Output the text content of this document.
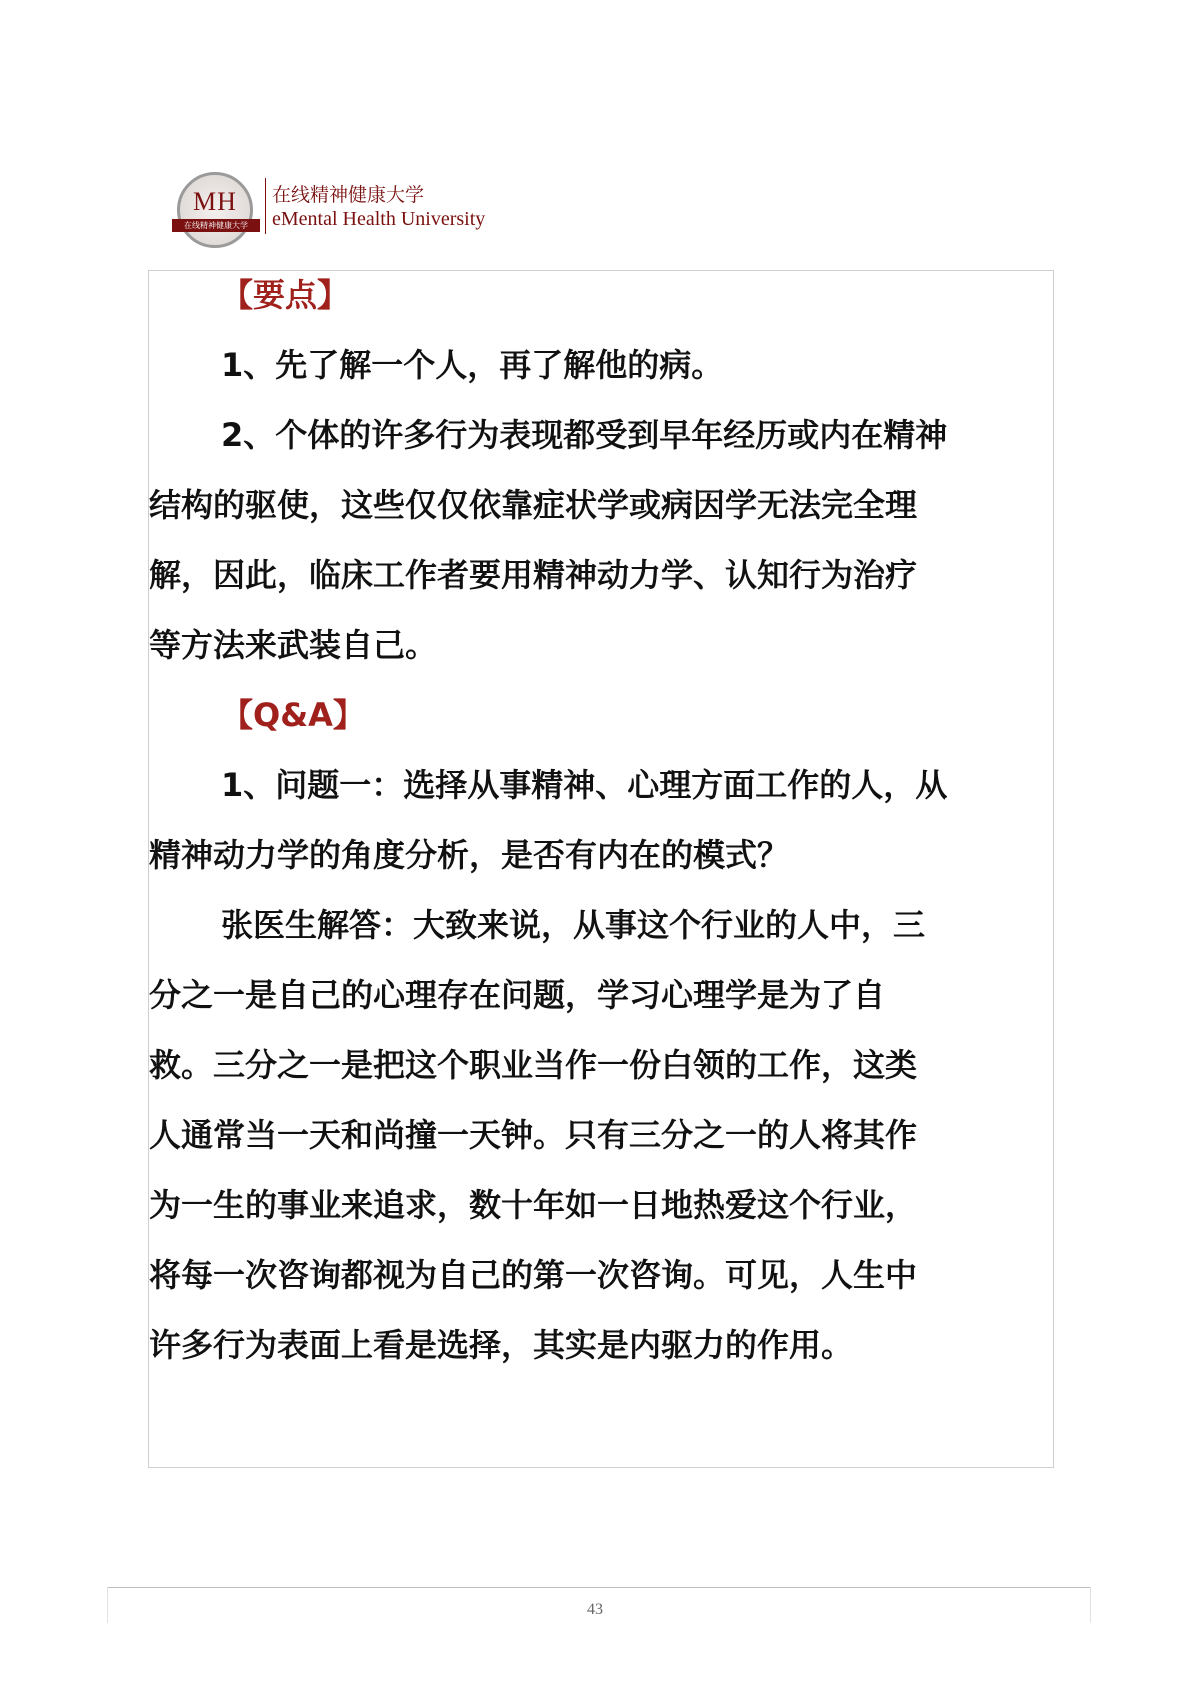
MH
在线精神健康大学
在线精神健康大学
eMental Health University
【要点】

1、先了解一个人，再了解他的病。

2、个体的许多行为表现都受到早年经历或内在精神

结构的驱使，这些仅仅依靠症状学或病因学无法完全理

解，因此，临床工作者要用精神动力学、认知行为治疗

等方法来武装自己。

【Q&A】

1、问题一：选择从事精神、心理方面工作的人，从

精神动力学的角度分析，是否有内在的模式？

张医生解答：大致来说，从事这个行业的人中，三

分之一是自己的心理存在问题，学习心理学是为了自

救。三分之一是把这个职业当作一份白领的工作，这类

人通常当一天和尚撞一天钟。只有三分之一的人将其作

为一生的事业来追求，数十年如一日地热爱这个行业，

将每一次咨询都视为自己的第一次咨询。可见，人生中

许多行为表面上看是选择，其实是内驱力的作用。

43
